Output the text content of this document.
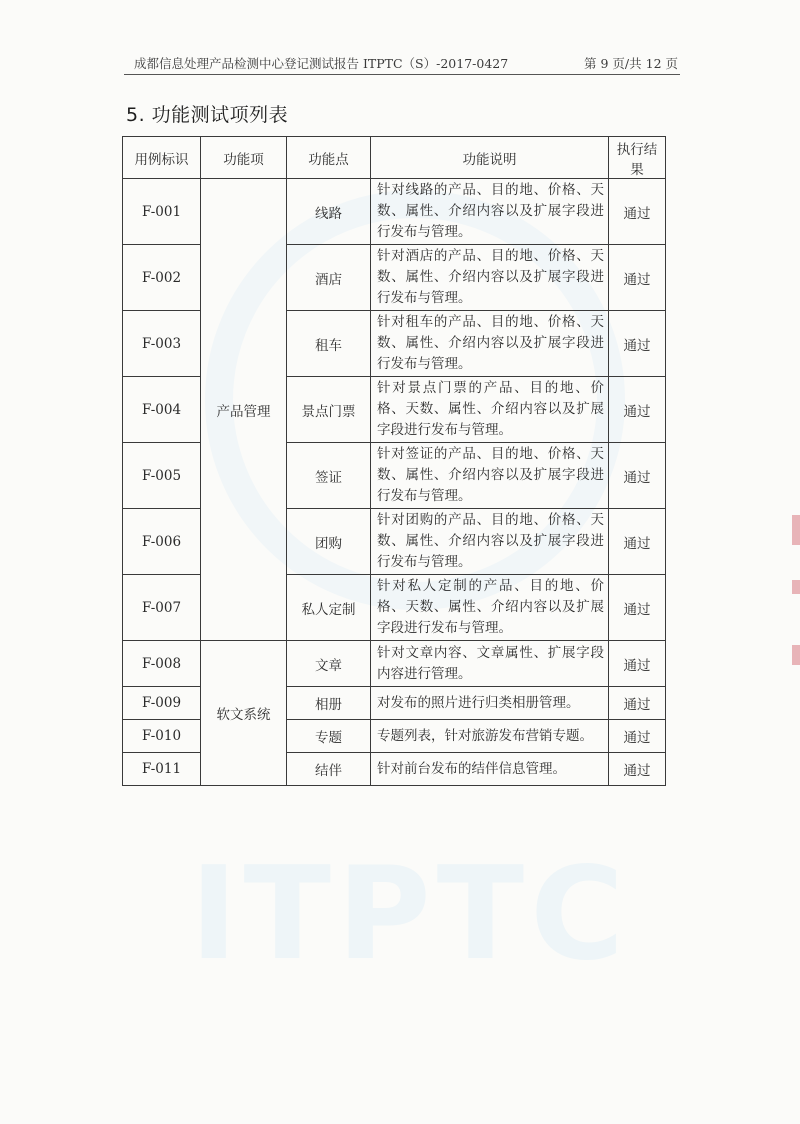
ITPTC
成都信息处理产品检测中心登记测试报告 ITPTC（S）-2017-0427	第 9 页/共 12 页
5. 功能测试项列表
用例标识	功能项	功能点	功能说明	执行结果
F-001	产品管理	线路	针对线路的产品、目的地、价格、天数、属性、介绍内容以及扩展字段进行发布与管理。	通过
F-002		酒店	针对酒店的产品、目的地、价格、天数、属性、介绍内容以及扩展字段进行发布与管理。	通过
F-003		租车	针对租车的产品、目的地、价格、天数、属性、介绍内容以及扩展字段进行发布与管理。	通过
F-004		景点门票	针对景点门票的产品、目的地、价格、天数、属性、介绍内容以及扩展字段进行发布与管理。	通过
F-005		签证	针对签证的产品、目的地、价格、天数、属性、介绍内容以及扩展字段进行发布与管理。	通过
F-006		团购	针对团购的产品、目的地、价格、天数、属性、介绍内容以及扩展字段进行发布与管理。	通过
F-007		私人定制	针对私人定制的产品、目的地、价格、天数、属性、介绍内容以及扩展字段进行发布与管理。	通过
F-008	软文系统	文章	针对文章内容、文章属性、扩展字段内容进行管理。	通过
F-009		相册	对发布的照片进行归类相册管理。	通过
F-010		专题	专题列表，针对旅游发布营销专题。	通过
F-011		结伴	针对前台发布的结伴信息管理。	通过
